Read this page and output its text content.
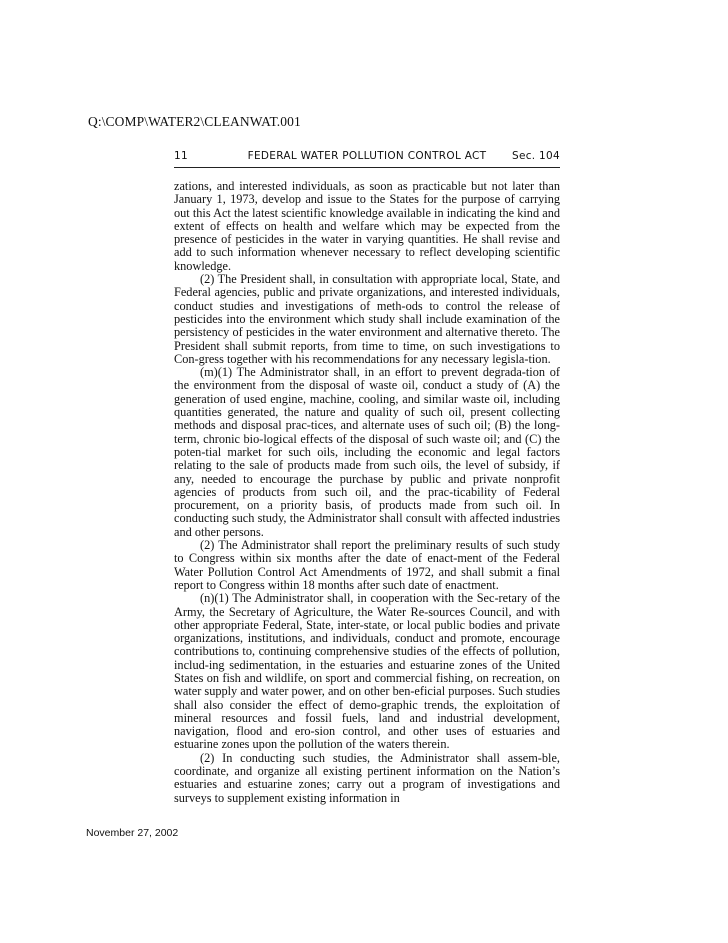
Q:\COMP\WATER2\CLEANWAT.001
11	FEDERAL WATER POLLUTION CONTROL ACT	Sec. 104

zations, and interested individuals, as soon as practicable but not later than January 1, 1973, develop and issue to the States for the purpose of carrying out this Act the latest scientific knowledge available in indicating the kind and extent of effects on health and welfare which may be expected from the presence of pesticides in the water in varying quantities. He shall revise and add to such information whenever necessary to reflect developing scientific knowledge.

(2) The President shall, in consultation with appropriate local, State, and Federal agencies, public and private organizations, and interested individuals, conduct studies and investigations of meth-ods to control the release of pesticides into the environment which study shall include examination of the persistency of pesticides in the water environment and alternative thereto. The President shall submit reports, from time to time, on such investigations to Con-gress together with his recommendations for any necessary legisla-tion.

(m)(1) The Administrator shall, in an effort to prevent degrada-tion of the environment from the disposal of waste oil, conduct a study of (A) the generation of used engine, machine, cooling, and similar waste oil, including quantities generated, the nature and quality of such oil, present collecting methods and disposal prac-tices, and alternate uses of such oil; (B) the long-term, chronic bio-logical effects of the disposal of such waste oil; and (C) the poten-tial market for such oils, including the economic and legal factors relating to the sale of products made from such oils, the level of subsidy, if any, needed to encourage the purchase by public and private nonprofit agencies of products from such oil, and the prac-ticability of Federal procurement, on a priority basis, of products made from such oil. In conducting such study, the Administrator shall consult with affected industries and other persons.

(2) The Administrator shall report the preliminary results of such study to Congress within six months after the date of enact-ment of the Federal Water Pollution Control Act Amendments of 1972, and shall submit a final report to Congress within 18 months after such date of enactment.

(n)(1) The Administrator shall, in cooperation with the Sec-retary of the Army, the Secretary of Agriculture, the Water Re-sources Council, and with other appropriate Federal, State, inter-state, or local public bodies and private organizations, institutions, and individuals, conduct and promote, encourage contributions to, continuing comprehensive studies of the effects of pollution, includ-ing sedimentation, in the estuaries and estuarine zones of the United States on fish and wildlife, on sport and commercial fishing, on recreation, on water supply and water power, and on other ben-eficial purposes. Such studies shall also consider the effect of demo-graphic trends, the exploitation of mineral resources and fossil fuels, land and industrial development, navigation, flood and ero-sion control, and other uses of estuaries and estuarine zones upon the pollution of the waters therein.

(2) In conducting such studies, the Administrator shall assem-ble, coordinate, and organize all existing pertinent information on the Nation’s estuaries and estuarine zones; carry out a program of investigations and surveys to supplement existing information in

November 27, 2002
